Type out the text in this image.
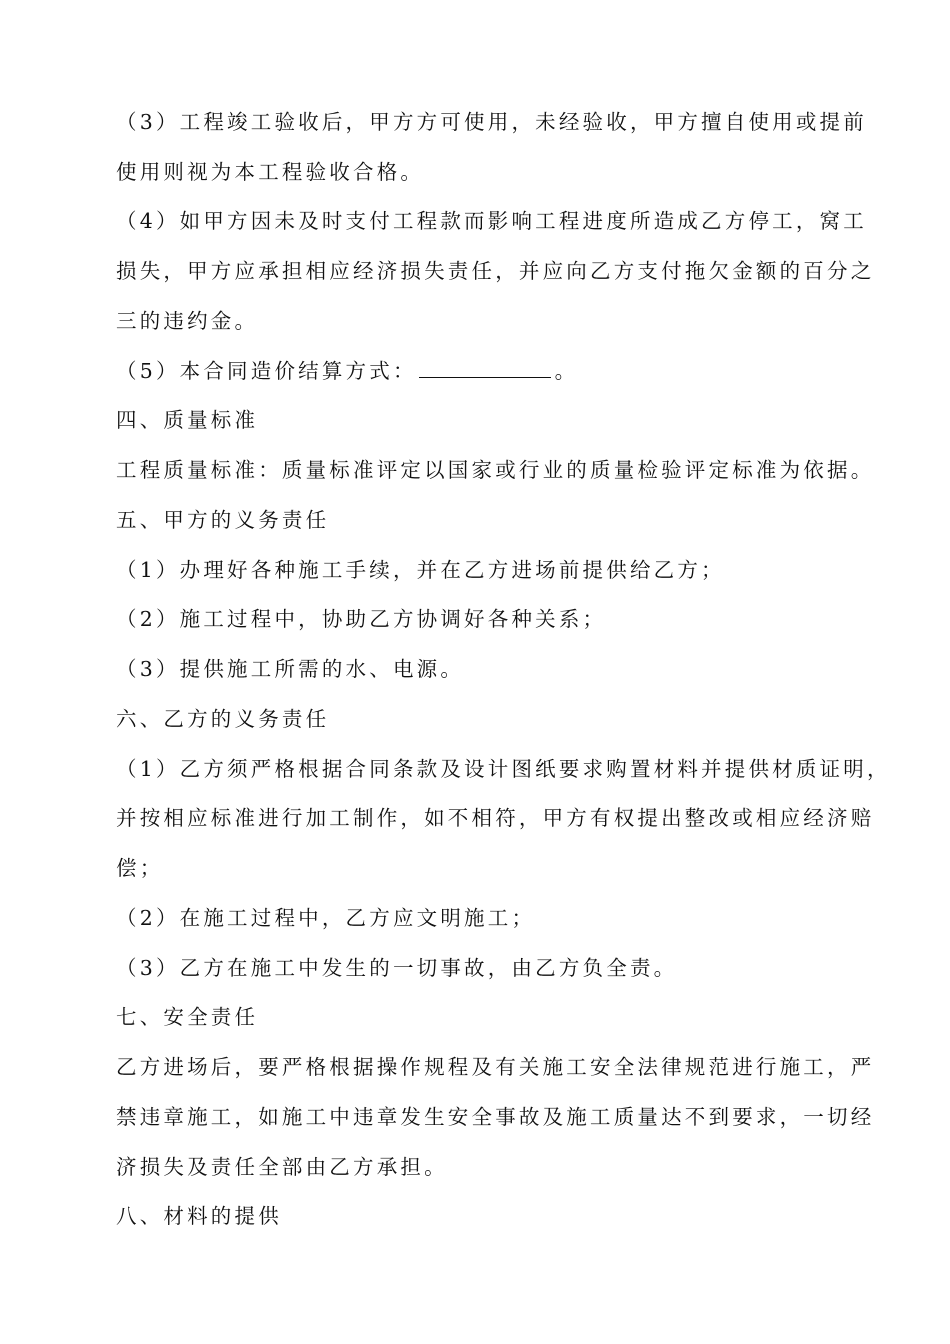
（3）工程竣工验收后，甲方方可使用，未经验收，甲方擅自使用或提前
使用则视为本工程验收合格。
（4）如甲方因未及时支付工程款而影响工程进度所造成乙方停工，窝工
损失，甲方应承担相应经济损失责任，并应向乙方支付拖欠金额的百分之
三的违约金。
（5）本合同造价结算方式：	。
四、质量标准
工程质量标准：质量标准评定以国家或行业的质量检验评定标准为依据。
五、甲方的义务责任
（1）办理好各种施工手续，并在乙方进场前提供给乙方；
（2）施工过程中，协助乙方协调好各种关系；
（3）提供施工所需的水、电源。
六、乙方的义务责任
（1）乙方须严格根据合同条款及设计图纸要求购置材料并提供材质证明，
并按相应标准进行加工制作，如不相符，甲方有权提出整改或相应经济赔
偿；
（2）在施工过程中，乙方应文明施工；
（3）乙方在施工中发生的一切事故，由乙方负全责。
七、安全责任
乙方进场后，要严格根据操作规程及有关施工安全法律规范进行施工，严
禁违章施工，如施工中违章发生安全事故及施工质量达不到要求，一切经
济损失及责任全部由乙方承担。
八、材料的提供
